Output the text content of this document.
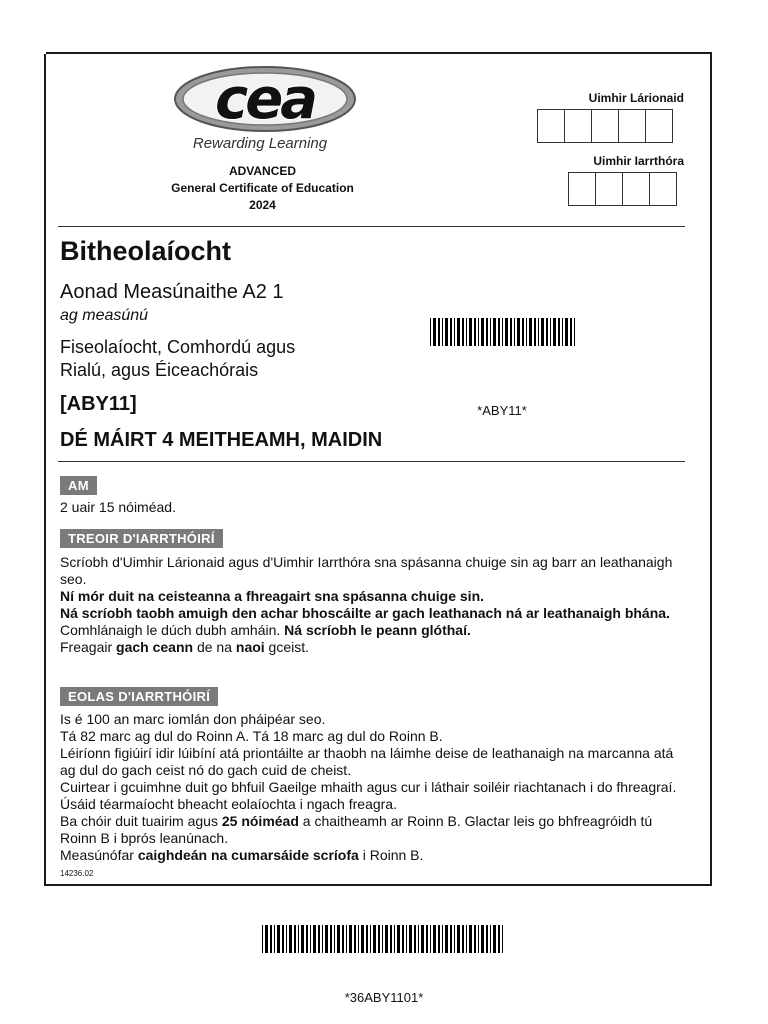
cea
Rewarding Learning
ADVANCED
General Certificate of Education
2024
Uimhir Lárionaid
Uimhir Iarrthóra
Bitheolaíocht
Aonad Measúnaithe A2 1
ag measúnú
Fiseolaíocht, Comhordú agus
Rialú, agus Éiceachórais
[ABY11]
DÉ MÁIRT 4 MEITHEAMH, MAIDIN
*ABY11*
AM
2 uair 15 nóiméad.
TREOIR D'IARRTHÓIRÍ
Scríobh d'Uimhir Lárionaid agus d'Uimhir Iarrthóra sna spásanna chuige sin ag barr an leathanaigh seo.
Ní mór duit na ceisteanna a fhreagairt sna spásanna chuige sin.
Ná scríobh taobh amuigh den achar bhoscáilte ar gach leathanach ná ar leathanaigh bhána.
Comhlánaigh le dúch dubh amháin. Ná scríobh le peann glóthaí.
Freagair gach ceann de na naoi gceist.
EOLAS D'IARRTHÓIRÍ
Is é 100 an marc iomlán don pháipéar seo.
Tá 82 marc ag dul do Roinn A. Tá 18 marc ag dul do Roinn B.
Léiríonn figiúirí idir lúibíní atá priontáilte ar thaobh na láimhe deise de leathanaigh na marcanna atá ag dul do gach ceist nó do gach cuid de cheist.
Cuirtear i gcuimhne duit go bhfuil Gaeilge mhaith agus cur i láthair soiléir riachtanach i do fhreagraí. Úsáid téarmaíocht bheacht eolaíochta i ngach freagra.
Ba chóir duit tuairim agus 25 nóiméad a chaitheamh ar Roinn B. Glactar leis go bhfreagróidh tú Roinn B i bprós leanúnach.
Measúnófar caighdeán na cumarsáide scríofa i Roinn B.
14236.02
*36ABY1101*
